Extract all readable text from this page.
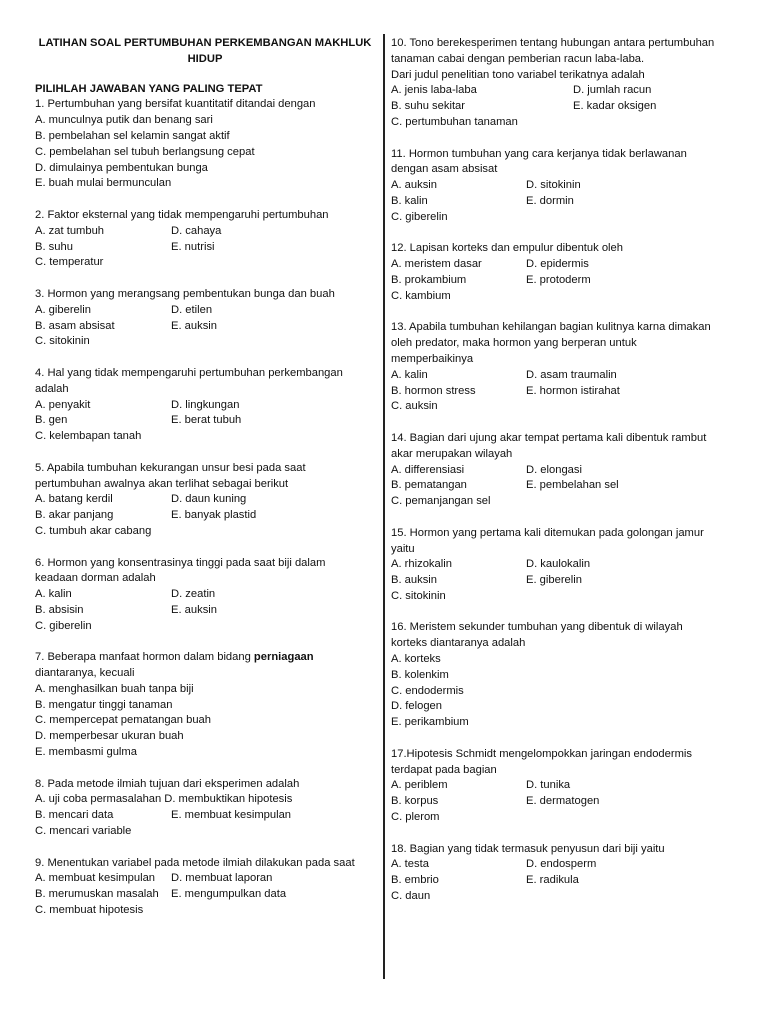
LATIHAN SOAL PERTUMBUHAN PERKEMBANGAN MAKHLUK
HIDUP
PILIHLAH JAWABAN YANG PALING TEPAT
1. Pertumbuhan yang bersifat kuantitatif ditandai dengan
A. munculnya putik dan benang sari
B. pembelahan sel kelamin sangat aktif
C. pembelahan sel tubuh berlangsung cepat
D. dimulainya pembentukan bunga
E. buah mulai bermunculan
2. Faktor eksternal yang tidak mempengaruhi pertumbuhan
A. zat tumbuh	D. cahaya
B. suhu	E. nutrisi
C. temperatur
3. Hormon yang merangsang pembentukan bunga dan buah
A. giberelin	D. etilen
B. asam absisat	E. auksin
C. sitokinin
4. Hal yang tidak mempengaruhi pertumbuhan perkembangan
adalah
A. penyakit	D. lingkungan
B. gen	E. berat tubuh
C. kelembapan tanah
5. Apabila tumbuhan kekurangan unsur besi pada saat
pertumbuhan awalnya akan terlihat sebagai berikut
A. batang kerdil	D. daun kuning
B. akar panjang	E. banyak plastid
C. tumbuh akar cabang
6. Hormon yang konsentrasinya tinggi pada saat biji dalam
keadaan dorman adalah
A. kalin	D. zeatin
B. absisin	E. auksin
C. giberelin
7. Beberapa manfaat hormon dalam bidang perniagaan
diantaranya, kecuali
A. menghasilkan buah tanpa biji
B. mengatur tinggi tanaman
C. mempercepat pematangan buah
D. memperbesar ukuran buah
E. membasmi gulma
8. Pada metode ilmiah tujuan dari eksperimen adalah
A. uji coba permasalahan D. membuktikan hipotesis
B. mencari data	E. membuat kesimpulan
C. mencari variable
9. Menentukan variabel pada metode ilmiah dilakukan pada saat
A. membuat kesimpulan	D. membuat laporan
B. merumuskan masalah	E. mengumpulkan data
C. membuat hipotesis
10. Tono berekesperimen tentang hubungan antara pertumbuhan
tanaman cabai dengan pemberian racun laba-laba.
Dari judul penelitian tono variabel terikatnya adalah
A. jenis laba-laba	D. jumlah racun
B. suhu sekitar	E. kadar oksigen
C. pertumbuhan tanaman
11. Hormon tumbuhan yang cara kerjanya tidak berlawanan
dengan asam absisat
A. auksin	D. sitokinin
B. kalin	E. dormin
C. giberelin
12. Lapisan korteks dan empulur dibentuk oleh
A. meristem dasar	D. epidermis
B. prokambium	E. protoderm
C. kambium
13. Apabila tumbuhan kehilangan bagian kulitnya karna dimakan
oleh predator, maka hormon yang berperan untuk
memperbaikinya
A. kalin	D. asam traumalin
B. hormon stress	E. hormon istirahat
C. auksin
14. Bagian dari ujung akar tempat pertama kali dibentuk rambut
akar merupakan wilayah
A. differensiasi	D. elongasi
B. pematangan	E. pembelahan sel
C. pemanjangan sel
15. Hormon yang pertama kali ditemukan pada golongan jamur
yaitu
A. rhizokalin	D. kaulokalin
B. auksin	E. giberelin
C. sitokinin
16. Meristem sekunder tumbuhan yang dibentuk di wilayah
korteks diantaranya adalah
A. korteks
B. kolenkim
C. endodermis
D. felogen
E. perikambium
17.Hipotesis Schmidt mengelompokkan jaringan endodermis
terdapat pada bagian
A. periblem	D. tunika
B. korpus	E. dermatogen
C. plerom
18. Bagian yang tidak termasuk penyusun dari biji yaitu
A. testa	D. endosperm
B. embrio	E. radikula
C. daun
